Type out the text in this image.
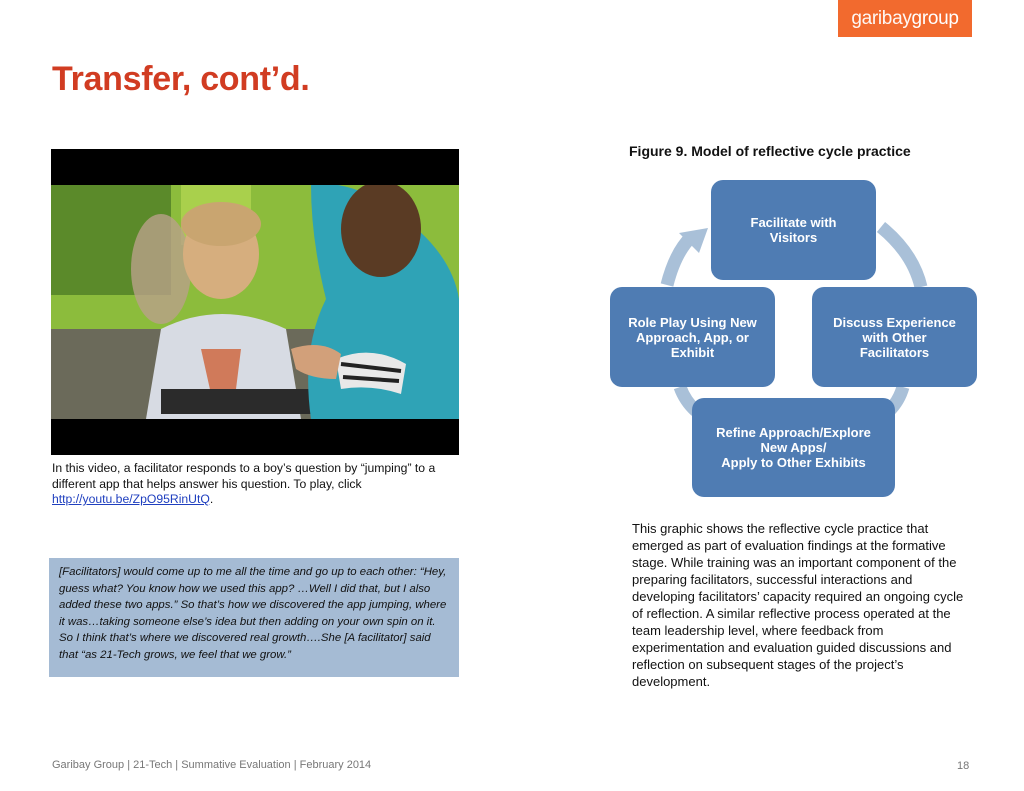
garibaygroup
Transfer, cont’d.

In this video, a facilitator responds to a boy’s question by “jumping” to a different app that helps answer his question. To play, click http://youtu.be/ZpO95RinUtQ.

[Facilitators] would come up to me all the time and go up to each other: “Hey, guess what? You know how we used this app? …Well I did that, but I also added these two apps.” So that’s how we discovered the app jumping, where it was…taking someone else’s idea but then adding on your own spin on it. So I think that’s where we discovered real growth….She [A facilitator] said that “as 21-Tech grows, we feel that we grow.”
Figure 9. Model of reflective cycle practice
Facilitate with
Visitors
Discuss Experience
with Other
Facilitators
Refine Approach/Explore
New Apps/
Apply to Other Exhibits
Role Play Using New
Approach, App, or
Exhibit

This graphic shows the reflective cycle practice that emerged as part of evaluation findings at the formative stage. While training was an important component of the preparing facilitators, successful interactions and developing facilitators’ capacity required an ongoing cycle of reflection. A similar reflective process operated at the team leadership level, where feedback from experimentation and evaluation guided discussions and reflection on subsequent stages of the project’s development.

Garibay Group | 21-Tech | Summative Evaluation | February 2014	18
